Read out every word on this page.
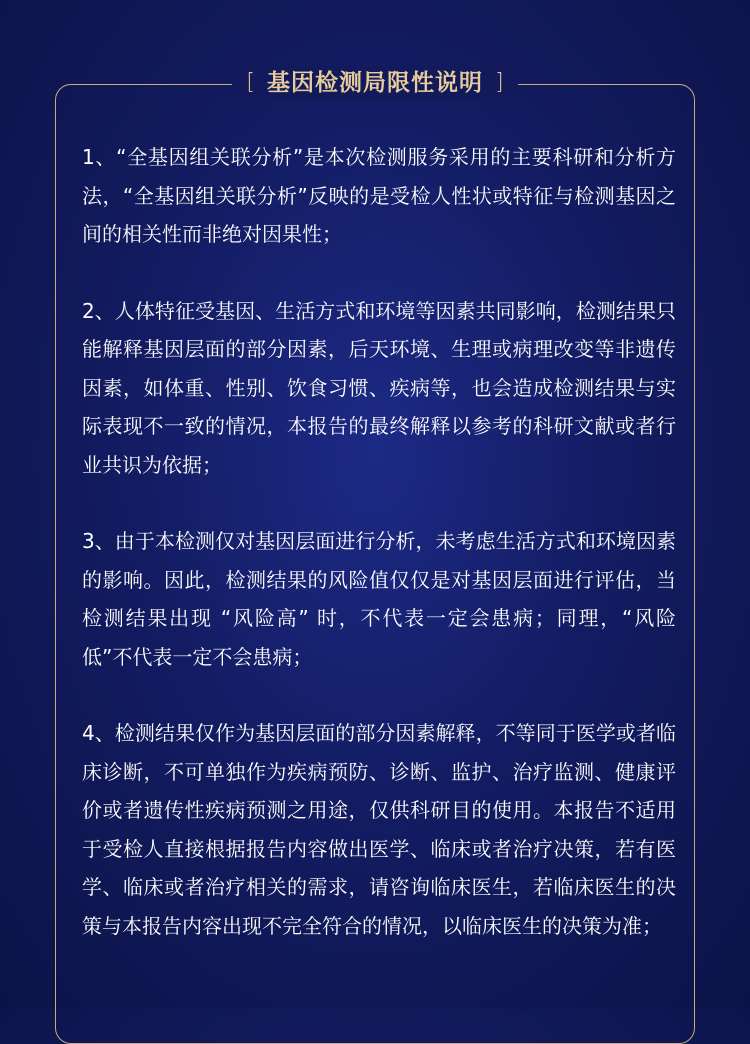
[ 基因检测局限性说明 ]

1、“全基因组关联分析”是本次检测服务采用的主要科研和分析方法，“全基因组关联分析”反映的是受检人性状或特征与检测基因之间的相关性而非绝对因果性；

2、人体特征受基因、生活方式和环境等因素共同影响，检测结果只能解释基因层面的部分因素，后天环境、生理或病理改变等非遗传因素，如体重、性别、饮食习惯、疾病等，也会造成检测结果与实际表现不一致的情况，本报告的最终解释以参考的科研文献或者行业共识为依据；

3、由于本检测仅对基因层面进行分析，未考虑生活方式和环境因素的影响。因此，检测结果的风险值仅仅是对基因层面进行评估，当检测结果出现 “风险高” 时，不代表一定会患病；同理，“风险低”不代表一定不会患病；

4、检测结果仅作为基因层面的部分因素解释，不等同于医学或者临床诊断，不可单独作为疾病预防、诊断、监护、治疗监测、健康评价或者遗传性疾病预测之用途，仅供科研目的使用。本报告不适用于受检人直接根据报告内容做出医学、临床或者治疗决策，若有医学、临床或者治疗相关的需求，请咨询临床医生，若临床医生的决策与本报告内容出现不完全符合的情况，以临床医生的决策为准；
